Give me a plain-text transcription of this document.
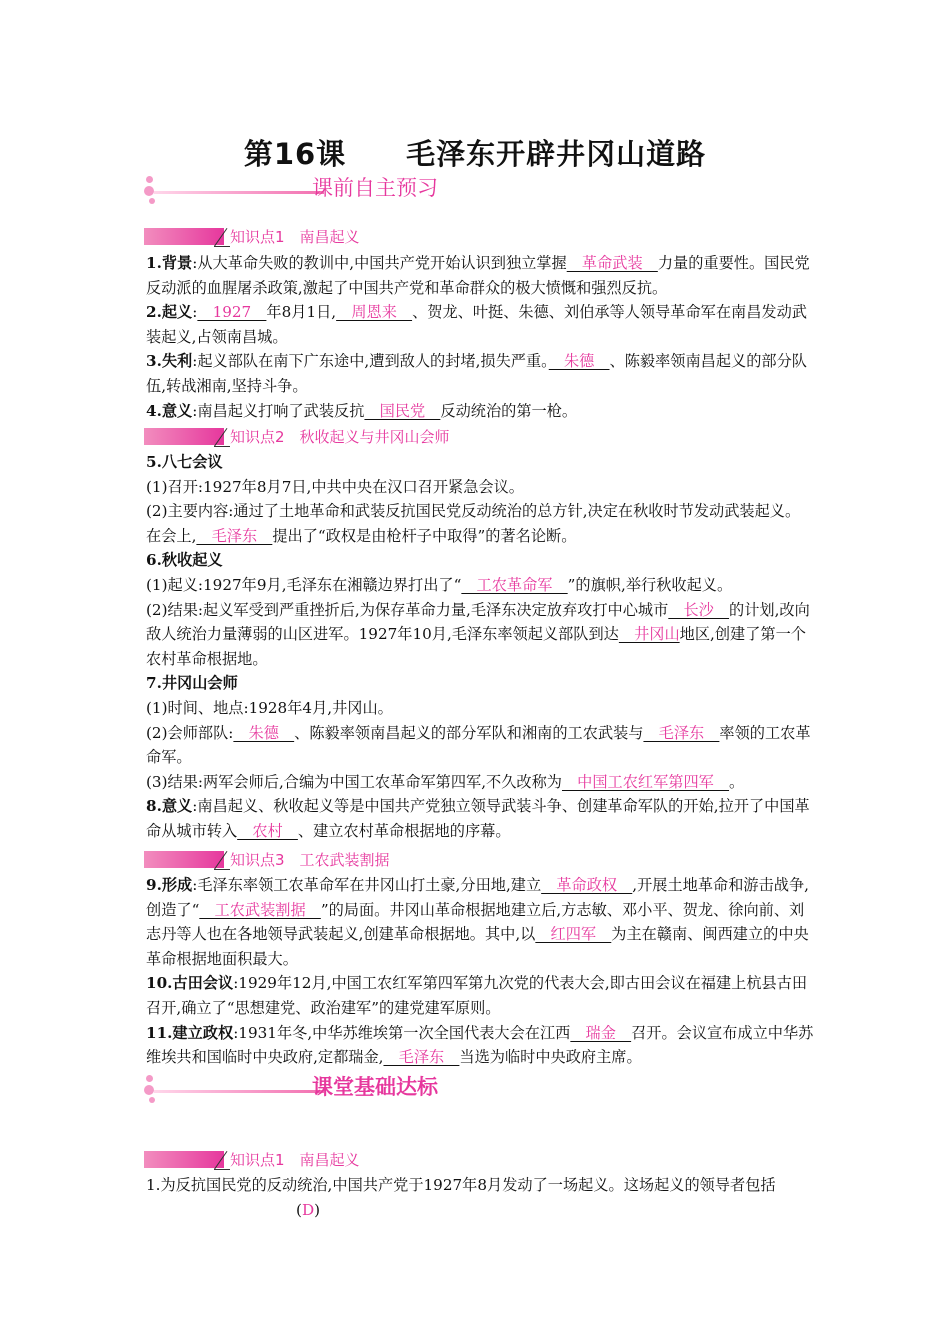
第16课　　毛泽东开辟井冈山道路
课前自主预习
知识点1　南昌起义

1.背景:从大革命失败的教训中,中国共产党开始认识到独立掌握　革命武装　力量的重要性。国民党反动派的血腥屠杀政策,激起了中国共产党和革命群众的极大愤慨和强烈反抗。

2.起义:　1927　年8月1日,　周恩来　、贺龙、叶挺、朱德、刘伯承等人领导革命军在南昌发动武装起义,占领南昌城。

3.失利:起义部队在南下广东途中,遭到敌人的封堵,损失严重。　朱德　、陈毅率领南昌起义的部分队伍,转战湘南,坚持斗争。

4.意义:南昌起义打响了武装反抗　国民党　反动统治的第一枪。

知识点2　秋收起义与井冈山会师

5.八七会议

(1)召开:1927年8月7日,中共中央在汉口召开紧急会议。

(2)主要内容:通过了土地革命和武装反抗国民党反动统治的总方针,决定在秋收时节发动武装起义。在会上,　毛泽东　提出了“政权是由枪杆子中取得”的著名论断。

6.秋收起义

(1)起义:1927年9月,毛泽东在湘赣边界打出了“　工农革命军　”的旗帜,举行秋收起义。

(2)结果:起义军受到严重挫折后,为保存革命力量,毛泽东决定放弃攻打中心城市　长沙　的计划,改向敌人统治力量薄弱的山区进军。1927年10月,毛泽东率领起义部队到达　井冈山地区,创建了第一个农村革命根据地。

7.井冈山会师

(1)时间、地点:1928年4月,井冈山。

(2)会师部队:　朱德　、陈毅率领南昌起义的部分军队和湘南的工农武装与　毛泽东　率领的工农革命军。

(3)结果:两军会师后,合编为中国工农革命军第四军,不久改称为　中国工农红军第四军　。

8.意义:南昌起义、秋收起义等是中国共产党独立领导武装斗争、创建革命军队的开始,拉开了中国革命从城市转入　农村　、建立农村革命根据地的序幕。

知识点3　工农武装割据

9.形成:毛泽东率领工农革命军在井冈山打土豪,分田地,建立　革命政权　,开展土地革命和游击战争,创造了“　工农武装割据　”的局面。井冈山革命根据地建立后,方志敏、邓小平、贺龙、徐向前、刘志丹等人也在各地领导武装起义,创建革命根据地。其中,以　红四军　为主在赣南、闽西建立的中央革命根据地面积最大。

10.古田会议:1929年12月,中国工农红军第四军第九次党的代表大会,即古田会议在福建上杭县古田召开,确立了“思想建党、政治建军”的建党建军原则。

11.建立政权:1931年冬,中华苏维埃第一次全国代表大会在江西　瑞金　召开。会议宣布成立中华苏维埃共和国临时中央政府,定都瑞金,　毛泽东　当选为临时中央政府主席。

课堂基础达标
知识点1　南昌起义

1.为反抗国民党的反动统治,中国共产党于1927年8月发动了一场起义。这场起义的领导者包括(D)
